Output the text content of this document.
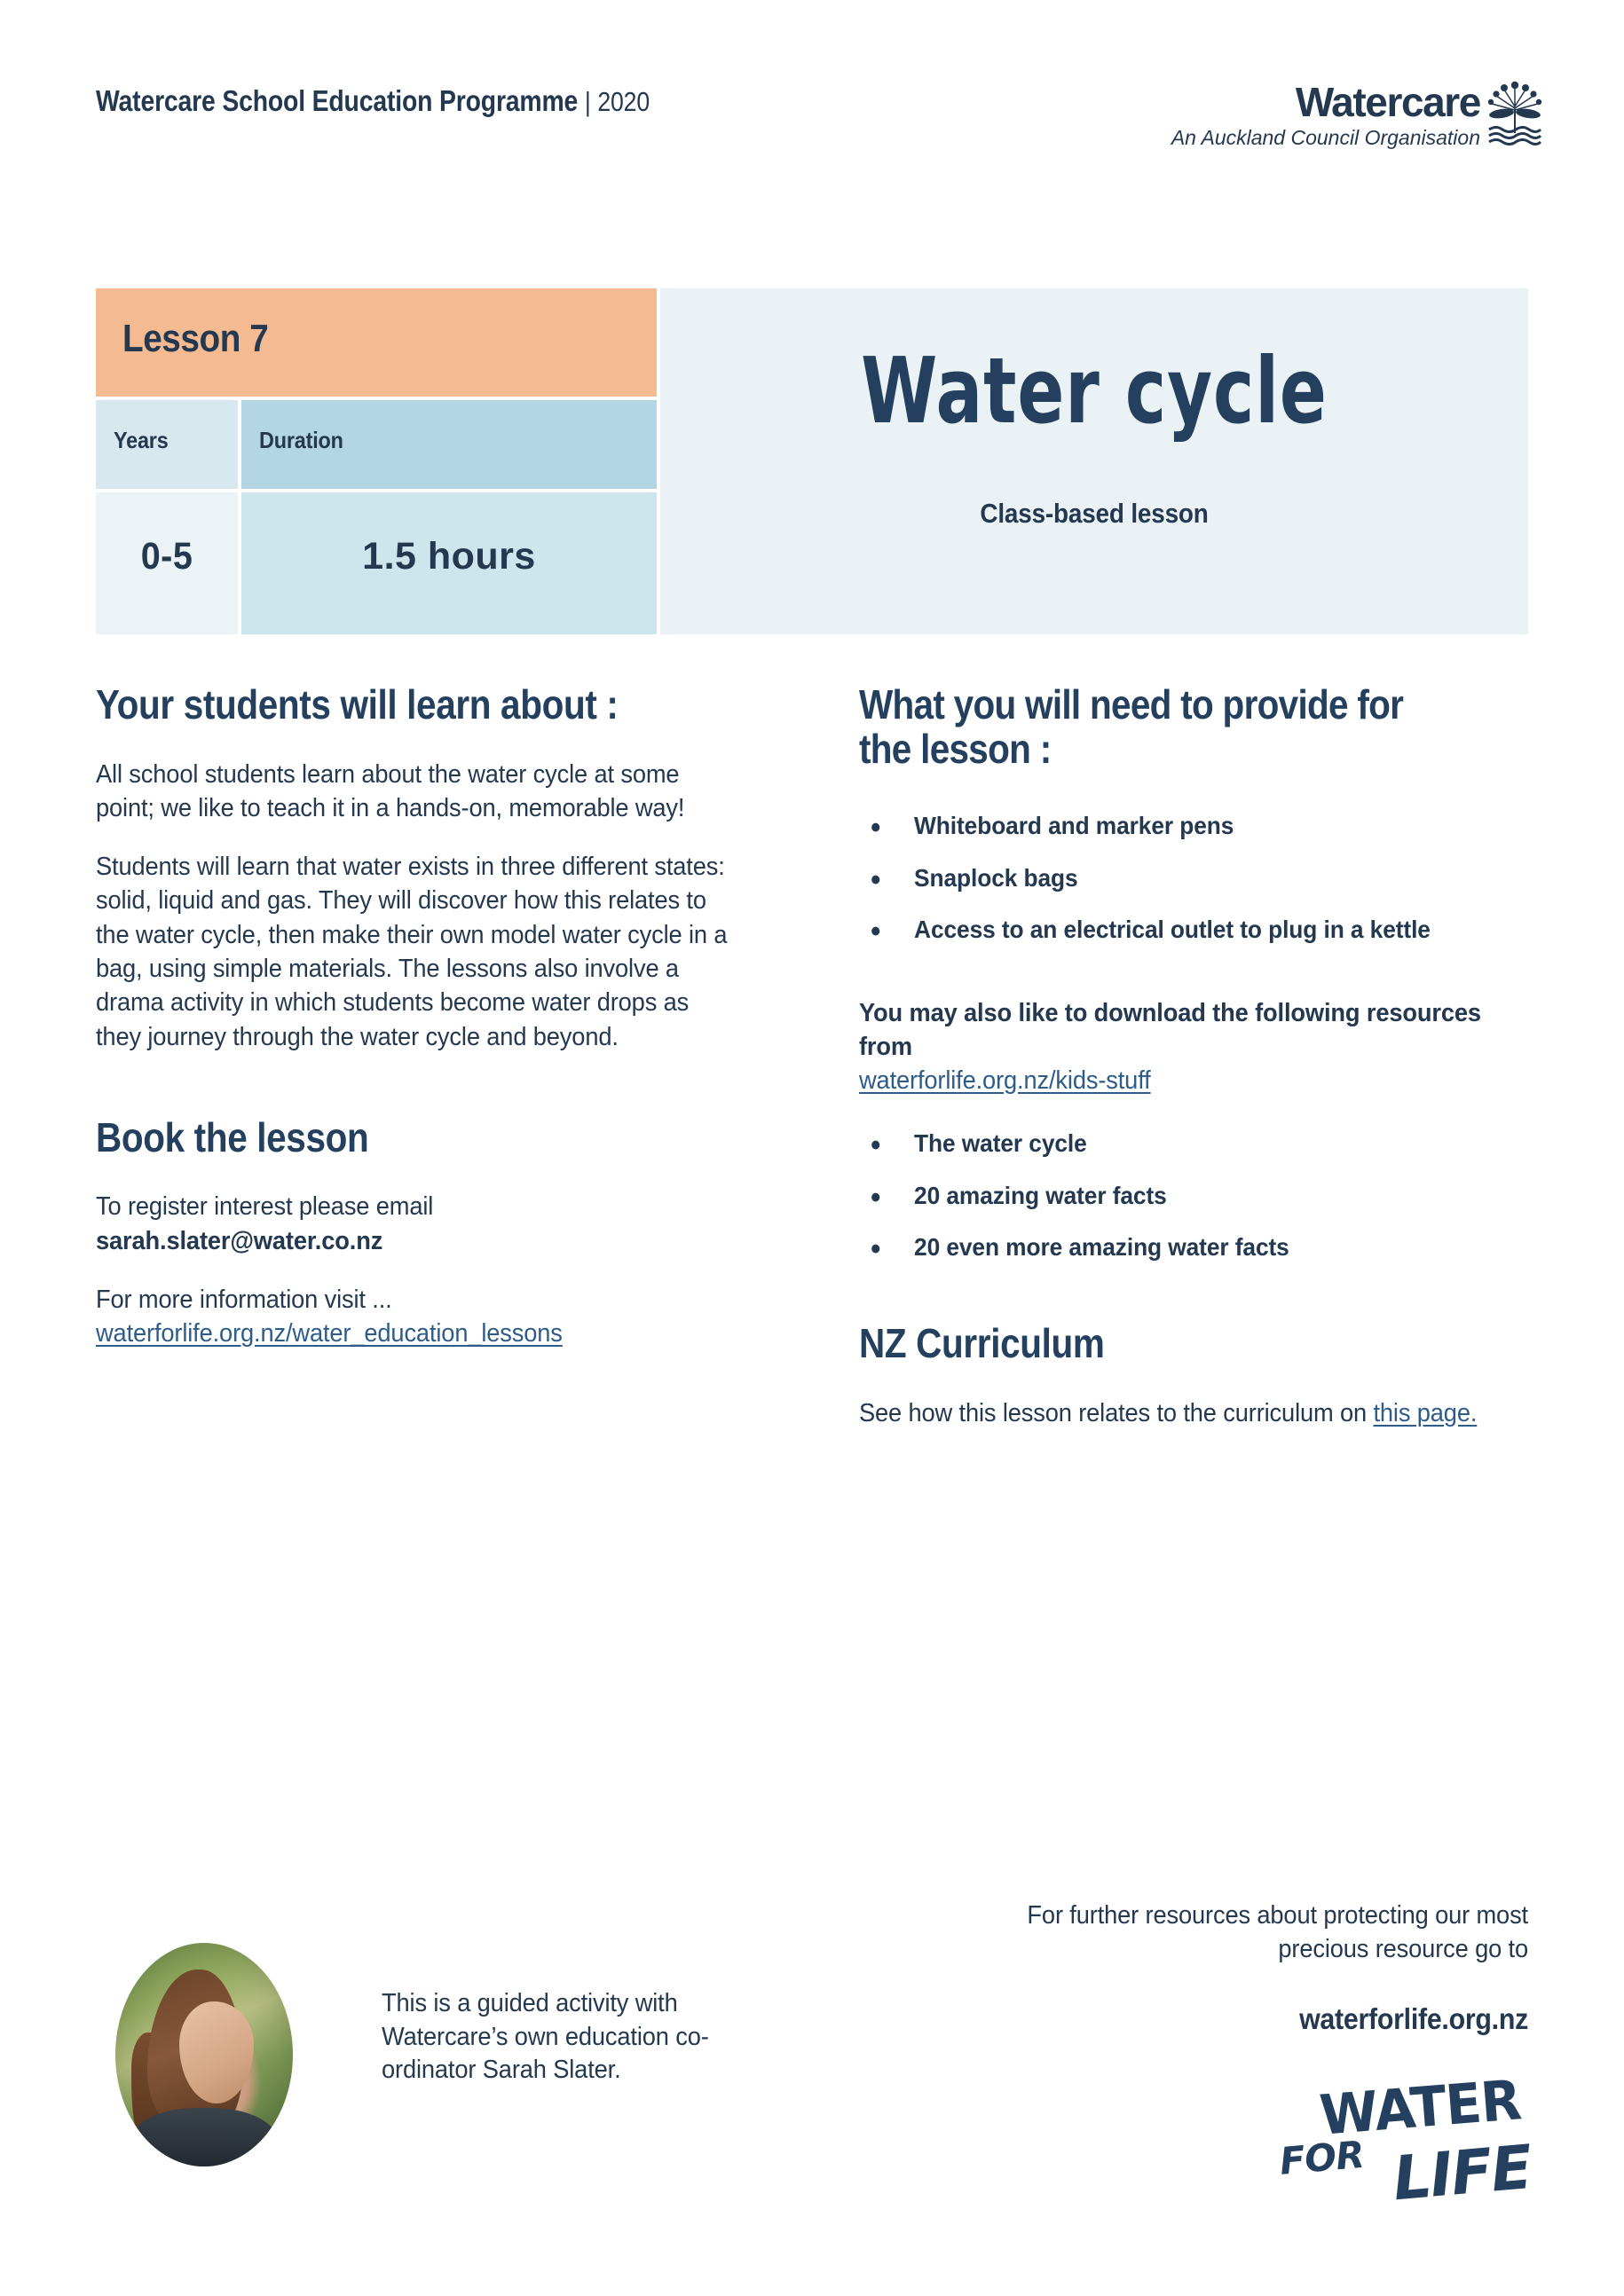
Watercare School Education Programme | 2020	Watercare
An Auckland Council Organisation
Lesson 7
Years	Duration
0-5	1.5 hours
Water cycle
Class-based lesson
Your students will learn about :

All school students learn about the water cycle at some point; we like to teach it in a hands-on, memorable way!

Students will learn that water exists in three different states: solid, liquid and gas. They will discover how this relates to the water cycle, then make their own model water cycle in a bag, using simple materials. The lessons also involve a drama activity in which students become water drops as they journey through the water cycle and beyond.

Book the lesson

To register interest please email
sarah.slater@water.co.nz

For more information visit ...
waterforlife.org.nz/water_education_lessons

What you will need to provide for the lesson :
• Whiteboard and marker pens
• Snaplock bags
• Access to an electrical outlet to plug in a kettle

You may also like to download the following resources from
waterforlife.org.nz/kids-stuff

• The water cycle
• 20 amazing water facts
• 20 even more amazing water facts
NZ Curriculum

See how this lesson relates to the curriculum on this page.

This is a guided activity with Watercare’s own education co-ordinator Sarah Slater.
For further resources about protecting our most precious resource go to
waterforlife.org.nz
WATER
FOR LIFE
